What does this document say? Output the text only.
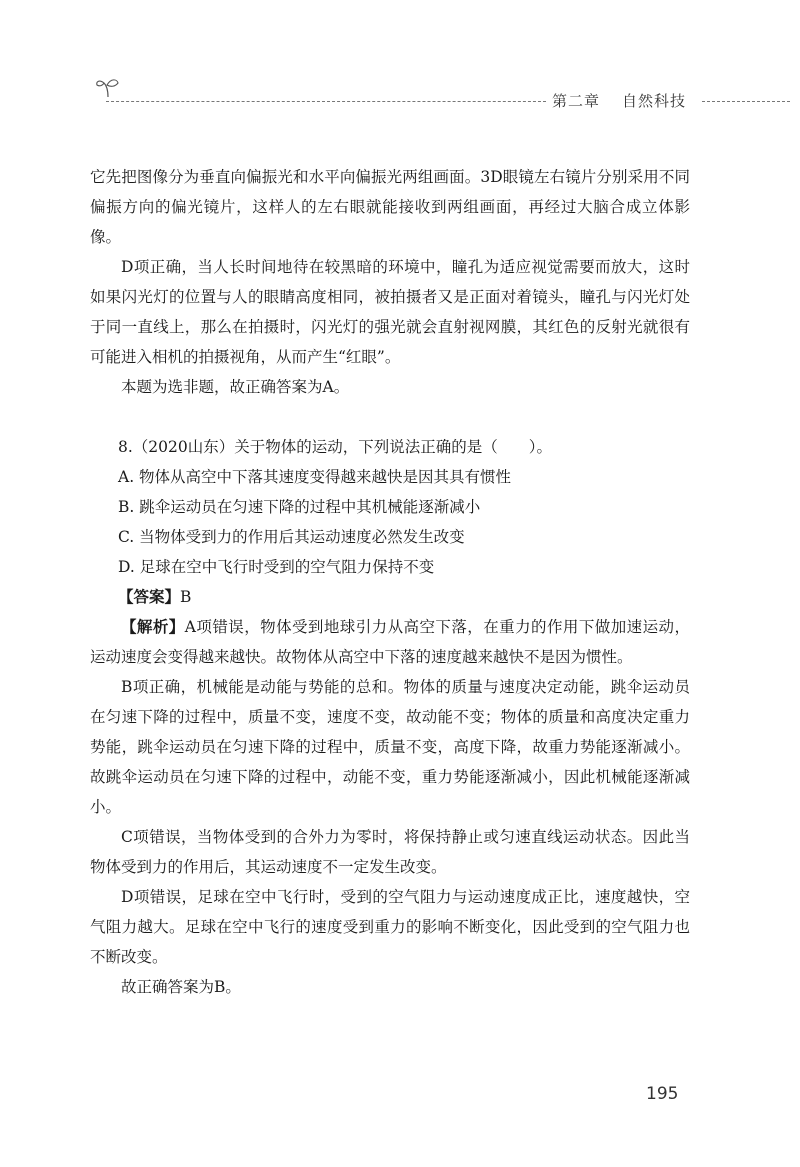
第二章 自然科技

它先把图像分为垂直向偏振光和水平向偏振光两组画面。3D眼镜左右镜片分别采用不同偏振方向的偏光镜片，这样人的左右眼就能接收到两组画面，再经过大脑合成立体影像。

D项正确，当人长时间地待在较黑暗的环境中，瞳孔为适应视觉需要而放大，这时如果闪光灯的位置与人的眼睛高度相同，被拍摄者又是正面对着镜头，瞳孔与闪光灯处于同一直线上，那么在拍摄时，闪光灯的强光就会直射视网膜，其红色的反射光就很有可能进入相机的拍摄视角，从而产生“红眼”。

本题为选非题，故正确答案为A。

8.（2020山东）关于物体的运动，下列说法正确的是（　　）。

A. 物体从高空中下落其速度变得越来越快是因其具有惯性

B. 跳伞运动员在匀速下降的过程中其机械能逐渐减小

C. 当物体受到力的作用后其运动速度必然发生改变

D. 足球在空中飞行时受到的空气阻力保持不变

【答案】B

【解析】A项错误，物体受到地球引力从高空下落，在重力的作用下做加速运动，运动速度会变得越来越快。故物体从高空中下落的速度越来越快不是因为惯性。

B项正确，机械能是动能与势能的总和。物体的质量与速度决定动能，跳伞运动员在匀速下降的过程中，质量不变，速度不变，故动能不变；物体的质量和高度决定重力势能，跳伞运动员在匀速下降的过程中，质量不变，高度下降，故重力势能逐渐减小。故跳伞运动员在匀速下降的过程中，动能不变，重力势能逐渐减小，因此机械能逐渐减小。

C项错误，当物体受到的合外力为零时，将保持静止或匀速直线运动状态。因此当物体受到力的作用后，其运动速度不一定发生改变。

D项错误，足球在空中飞行时，受到的空气阻力与运动速度成正比，速度越快，空气阻力越大。足球在空中飞行的速度受到重力的影响不断变化，因此受到的空气阻力也不断改变。

故正确答案为B。

195
